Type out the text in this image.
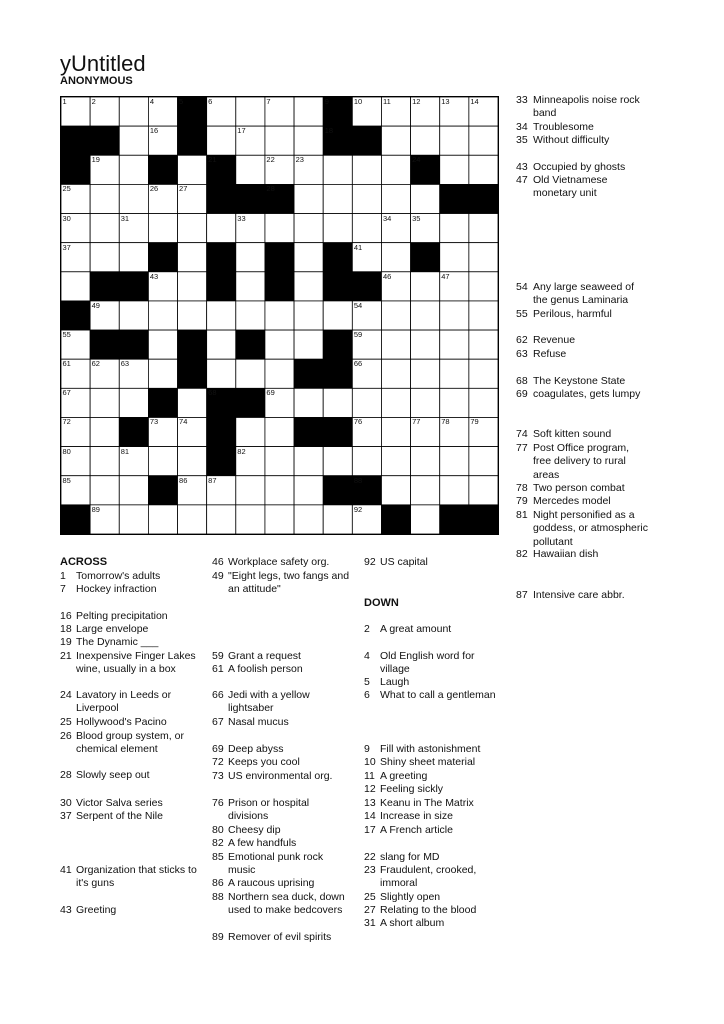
yUntitled
ANONYMOUS
1	2	4	5	6	7	9	10	11	12	13	14
16	17	18
19	21	22	23	24
25	26	27	28
30	31	33	34	35
37	41
43	46	47
49	54
55	59
61	62	63	66
67	68	69
72	73	74	76	77	78	79
80	81	82
85	86	87	88
89	92
ACROSS
1 Tomorrow's adults
7 Hockey infraction
16 Pelting precipitation
18 Large envelope
19 The Dynamic ___
21 Inexpensive Finger Lakes wine, usually in a box
24 Lavatory in Leeds or Liverpool
25 Hollywood's Pacino
26 Blood group system, or chemical element
28 Slowly seep out
30 Victor Salva series
37 Serpent of the Nile
41 Organization that sticks to it's guns
43 Greeting
46 Workplace safety org.
49 "Eight legs, two fangs and an attitude"
59 Grant a request
61 A foolish person
66 Jedi with a yellow lightsaber
67 Nasal mucus
69 Deep abyss
72 Keeps you cool
73 US environmental org.
76 Prison or hospital divisions
80 Cheesy dip
82 A few handfuls
85 Emotional punk rock music
86 A raucous uprising
88 Northern sea duck, down used to make bedcovers
89 Remover of evil spirits
92 US capital
DOWN
2 A great amount
4 Old English word for village
5 Laugh
6 What to call a gentleman
9 Fill with astonishment
10 Shiny sheet material
11 A greeting
12 Feeling sickly
13 Keanu in The Matrix
14 Increase in size
17 A French article
22 slang for MD
23 Fraudulent, crooked, immoral
25 Slightly open
27 Relating to the blood
31 A short album
33 Minneapolis noise rock band
34 Troublesome
35 Without difficulty
43 Occupied by ghosts
47 Old Vietnamese monetary unit
54 Any large seaweed of the genus Laminaria
55 Perilous, harmful
62 Revenue
63 Refuse
68 The Keystone State
69 coagulates, gets lumpy
74 Soft kitten sound
77 Post Office program, free delivery to rural areas
78 Two person combat
79 Mercedes model
81 Night personified as a goddess, or atmospheric pollutant
82 Hawaiian dish
87 Intensive care abbr.
